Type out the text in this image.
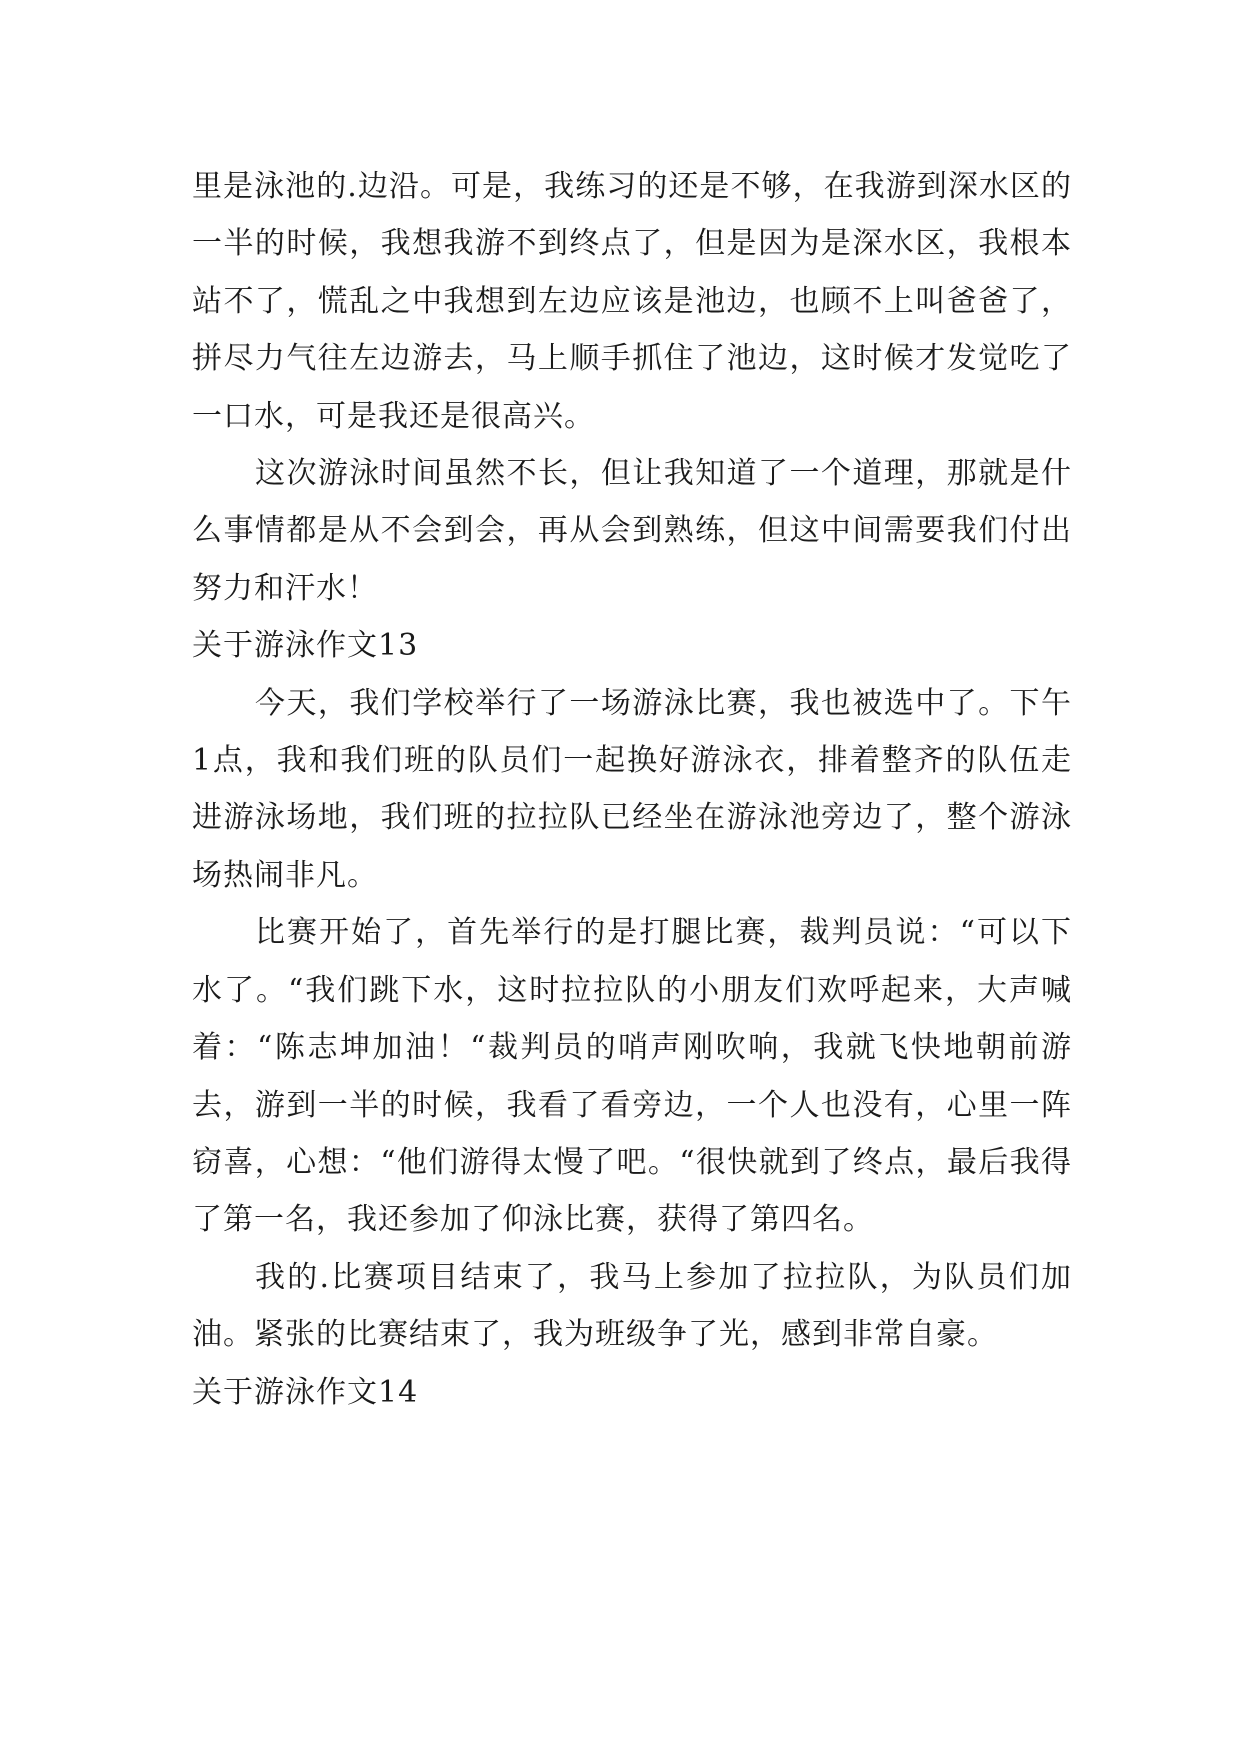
里是泳池的.边沿。可是，我练习的还是不够，在我游到深水区的一半的时候，我想我游不到终点了，但是因为是深水区，我根本站不了，慌乱之中我想到左边应该是池边，也顾不上叫爸爸了，拼尽力气往左边游去，马上顺手抓住了池边，这时候才发觉吃了一口水，可是我还是很高兴。

这次游泳时间虽然不长，但让我知道了一个道理，那就是什么事情都是从不会到会，再从会到熟练，但这中间需要我们付出努力和汗水！

关于游泳作文13

今天，我们学校举行了一场游泳比赛，我也被选中了。下午1点，我和我们班的队员们一起换好游泳衣，排着整齐的队伍走进游泳场地，我们班的拉拉队已经坐在游泳池旁边了，整个游泳场热闹非凡。

比赛开始了，首先举行的是打腿比赛，裁判员说：“可以下水了。“我们跳下水，这时拉拉队的小朋友们欢呼起来，大声喊着：“陈志坤加油！“裁判员的哨声刚吹响，我就飞快地朝前游去，游到一半的时候，我看了看旁边，一个人也没有，心里一阵窃喜，心想：“他们游得太慢了吧。“很快就到了终点，最后我得了第一名，我还参加了仰泳比赛，获得了第四名。

我的.比赛项目结束了，我马上参加了拉拉队，为队员们加油。紧张的比赛结束了，我为班级争了光，感到非常自豪。

关于游泳作文14
